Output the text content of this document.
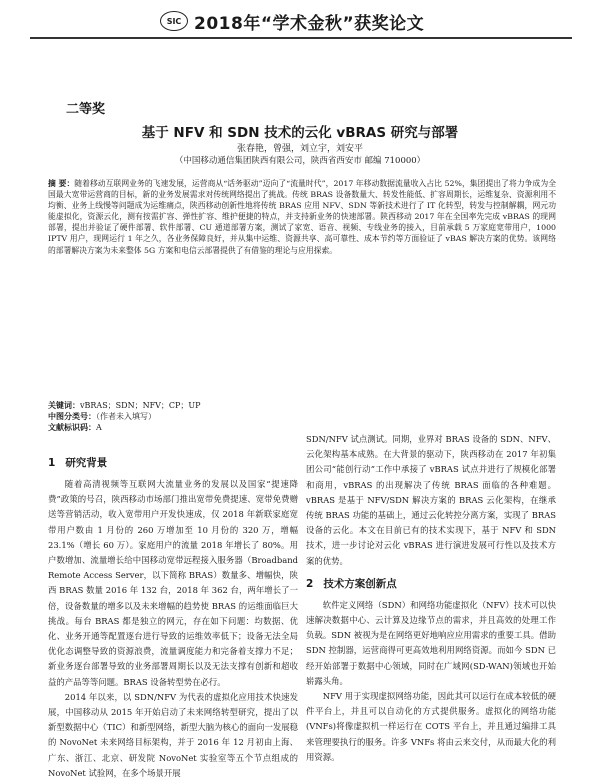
SIC 2018年“学术金秋”获奖论文
二等奖
基于 NFV 和 SDN 技术的云化 vBRAS 研究与部署
张春艳，曾强，刘立宇，刘安平
（中国移动通信集团陕西有限公司，陕西省西安市 邮编 710000）
摘 要：随着移动互联网业务的飞速发展，运营商从“话务驱动”迈向了“流量时代”，2017 年移动数据流量收入占比 52%，集团提出了将力争成为全国最大宽带运营商的目标，新的业务发展需求对传统网络提出了挑战。传统 BRAS 设备数量大、转发性能低、扩容周期长，运维复杂、资源利用不均衡、业务上线慢等问题成为运维痛点，陕西移动创新性地将传统 BRAS 应用 NFV、SDN 等新技术进行了 IT 化转型，转发与控制解耦，网元功能虚拟化，资源云化，测有按需扩容、弹性扩容、维护便捷的特点，并支持新业务的快速部署。陕西移动 2017 年在全国率先完成 vBRAS 的现网部署，提出并验证了硬件部署、软件部署、CU 通道部署方案，测试了家宽、语音、视频、专线业务的接入，目前承载 5 万家庭宽带用户，1000 IPTV 用户，现网运行 1 年之久，各业务保障良好，并从集中运维、资源共享、高可靠性、成本节约等方面验证了 vBAS 解决方案的优势。该网络的部署解决方案为未来整体 5G 方案和电信云部署提供了有借鉴的理论与应用探索。
关键词：vBRAS；SDN；NFV；CP；UP
中图分类号：（作者未入填写）
文献标识码：A
1 研究背景

随着高清视频等互联网大流量业务的发展以及国家“提速降费”政策的号召，陕西移动市场部门推出宽带免费提速、宽带免费赠送等营销活动，收入宽带用户开发快速成，仅 2018 年新联家庭宽带用户数由 1 月份的 260 万增加至 10 月份的 320 万，增幅 23.1%（增长 60 万）。家庭用户的流量 2018 年增长了 80%。用户数增加、流量增长给中国移动宽带远程接入服务器（Broadband Remote Access Server，以下简称 BRAS）数量多、增幅快，陕西 BRAS 数量 2016 年 132 台，2018 年 362 台，两年增长了一倍，设备数量的增多以及未来增幅的趋势使 BRAS 的运维面临巨大挑战。每台 BRAS 都是独立的网元，存在如下问题：均数据、优化、业务开通等配置逐台进行导致的运维效率低下；设备无法全局优化态调整导致的资源浪费，流量调度能力和完备着支撑力不足；新业务逐台部署导致的业务部署周期长以及无法支撑有创新和超收益的产品等等问题。BRAS 设备转型势在必行。

2014 年以来，以 SDN/NFV 为代表的虚拟化应用技术快速发展，中国移动从 2015 年开始启动了未来网络转型研究，提出了以新型数据中心（TIC）和新型网络，新型大脑为核心的面向一发展稳的 NovoNet 未来网络目标架构，并于 2016 年 12 月初由上海、广东、浙江、北京、研发院 NovoNet 实验室等五个节点组成的 NovoNet 试验网，在多个场景开展

SDN/NFV 试点测试。同期，业界对 BRAS 设备的 SDN、NFV、云化架构基本成熟。在大背景的驱动下，陕西移动在 2017 年初集团公司“能创行动”工作中承接了 vBRAS 试点并进行了规模化部署和商用，vBRAS 的出现解决了传统 BRAS 面临的各种难题。vBRAS 是基于 NFV/SDN 解决方案的 BRAS 云化架构，在继承传统 BRAS 功能的基础上，通过云化转控分离方案，实现了 BRAS 设备的云化。本文在目前已有的技术实现下，基于 NFV 和 SDN 技术，进一步讨论对云化 vBRAS 进行演进发展可行性以及技术方案的优势。

2 技术方案创新点

软件定义网络（SDN）和网络功能虚拟化（NFV）技术可以快速解决数据中心、云计算及边缘节点的需求，并且高效的处理工作负载。SDN 被视为是在网络更好地响应应用需求的重要工具。借助 SDN 控制器，运营商得可更高效地利用网络资源。而如今 SDN 已经开始部署于数据中心领域，同时在广域网(SD-WAN)领域也开始崭露头角。

NFV 用于实现虚拟网络功能，因此其可以运行在成本较低的硬件平台上，并且可以自动化的方式提供服务。虚拟化的网络功能(VNFs)将像虚拟机一样运行在 COTS 平台上，并且通过编排工具来管理要执行的服务。许多 VNFs 将由云来交付，从而最大化的利用资源。
